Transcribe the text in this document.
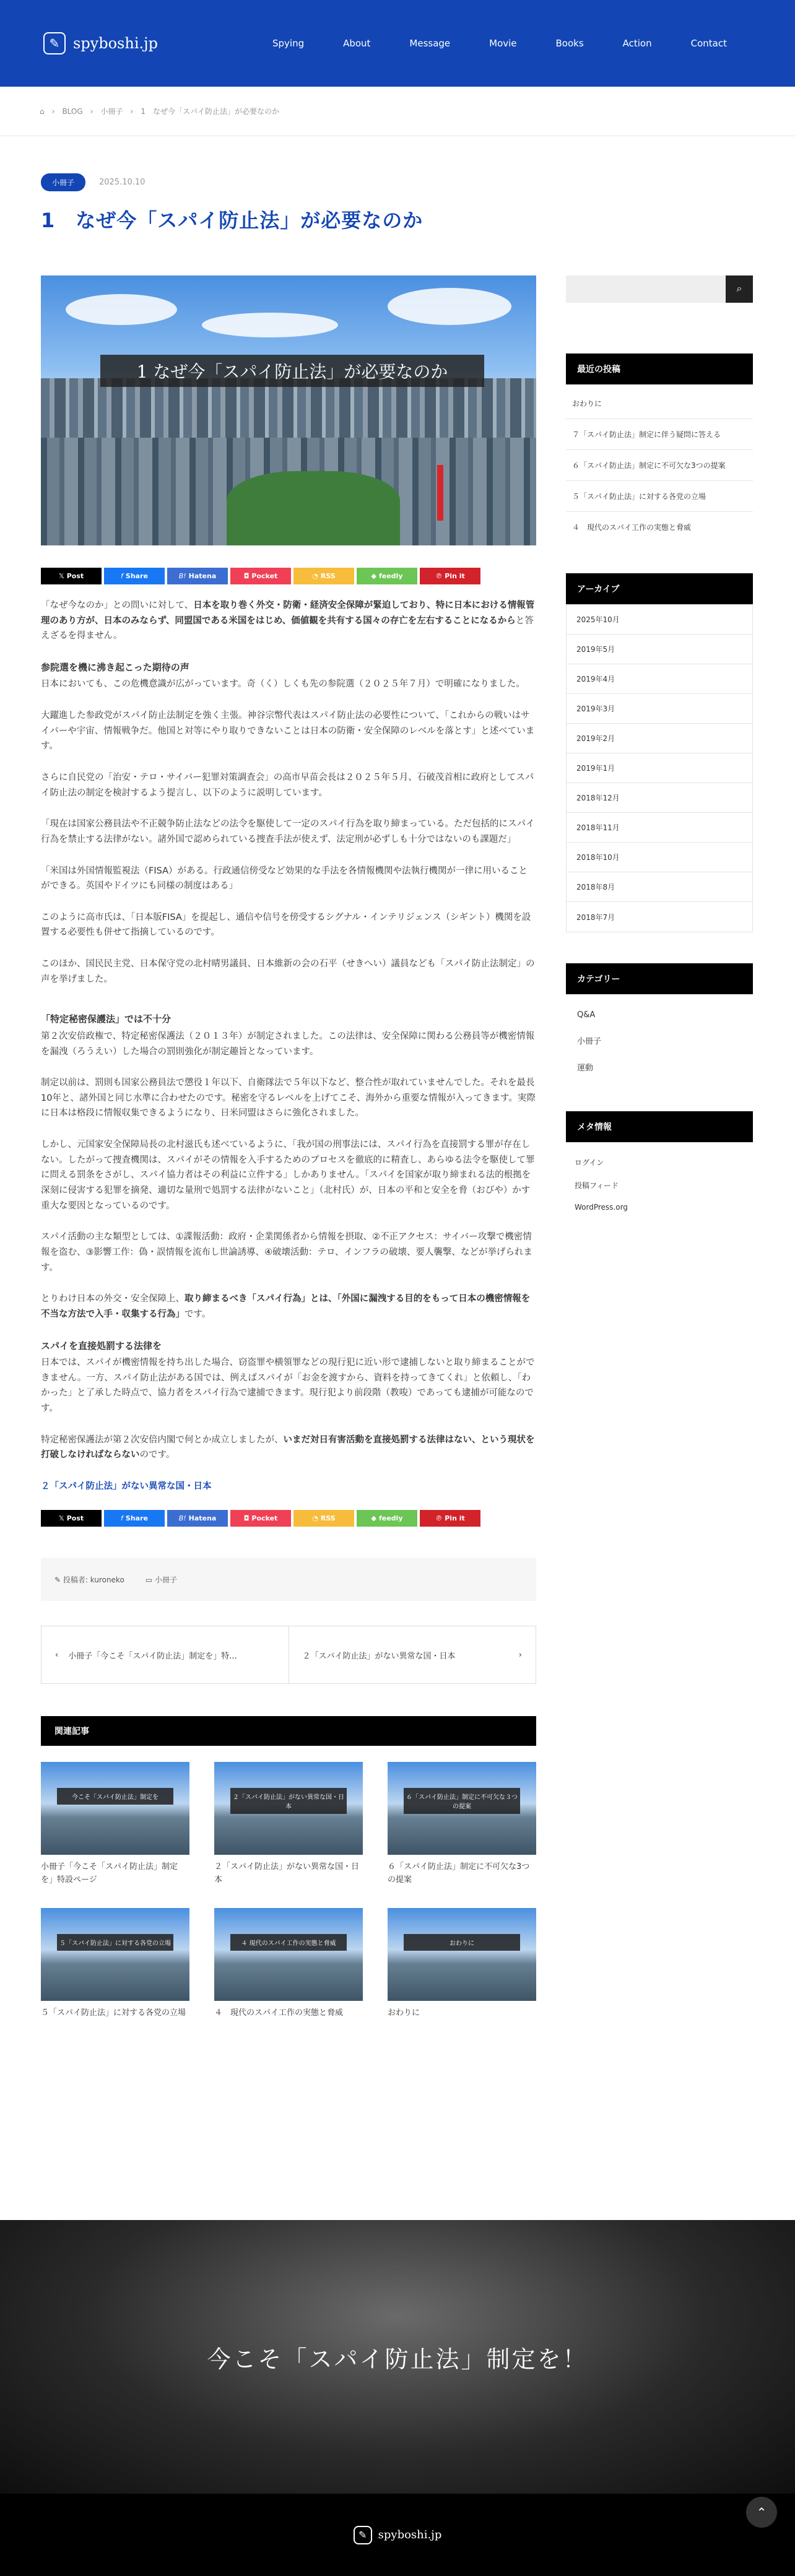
✎ spyboshi.jp	Spying	About	Message	Movie	Books	Action	Contact
⌂ › BLOG › 小冊子 › 1　なぜ今「スパイ防止法」が必要なのか
小冊子	2025.10.10
1　なぜ今「スパイ防止法」が必要なのか
1 なぜ今「スパイ防止法」が必要なのか
𝕏 Post	f Share	B! Hatena	◘ Pocket	◔ RSS	◆ feedly	℗ Pin it

「なぜ今なのか」との問いに対して、日本を取り巻く外交・防衛・経済安全保障が緊迫しており、特に日本における情報管理のあり方が、日本のみならず、同盟国である米国をはじめ、価値観を共有する国々の存亡を左右することになるからと答えざるを得ません。

参院選を機に沸き起こった期待の声

日本においても、この危機意識が広がっています。奇（く）しくも先の参院選（２０２５年７月）で明確になりました。

大躍進した参政党がスパイ防止法制定を強く主張。神谷宗幣代表はスパイ防止法の必要性について、「これからの戦いはサイバーや宇宙、情報戦争だ。他国と対等にやり取りできないことは日本の防衛・安全保障のレベルを落とす」と述べています。

さらに自民党の「治安・テロ・サイバー犯罪対策調査会」の高市早苗会長は２０２５年５月、石破茂首相に政府としてスパイ防止法の制定を検討するよう提言し、以下のように説明しています。

「現在は国家公務員法や不正競争防止法などの法令を駆使して一定のスパイ行為を取り締まっている。ただ包括的にスパイ行為を禁止する法律がない。諸外国で認められている捜査手法が使えず、法定刑が必ずしも十分ではないのも課題だ」

「米国は外国情報監視法（FISA）がある。行政通信傍受など効果的な手法を各情報機関や法執行機関が一律に用いることができる。英国やドイツにも同様の制度はある」

このように高市氏は、「日本版FISA」を提起し、通信や信号を傍受するシグナル・インテリジェンス（シギント）機関を設置する必要性も併せて指摘しているのです。

このほか、国民民主党、日本保守党の北村晴男議員、日本維新の会の石平（せきへい）議員なども「スパイ防止法制定」の声を挙げました。

「特定秘密保護法」では不十分

第２次安倍政権で、特定秘密保護法（２０１３年）が制定されました。この法律は、安全保障に関わる公務員等が機密情報を漏洩（ろうえい）した場合の罰則強化が制定趣旨となっています。

制定以前は、罰則も国家公務員法で懲役１年以下、自衛隊法で５年以下など、整合性が取れていませんでした。それを最長10年と、諸外国と同じ水準に合わせたのです。秘密を守るレベルを上げてこそ、海外から重要な情報が入ってきます。実際に日本は格段に情報収集できるようになり、日米同盟はさらに強化されました。

しかし、元国家安全保障局長の北村滋氏も述べているように、「我が国の刑事法には、スパイ行為を直接罰する罪が存在しない。したがって捜査機関は、スパイがその情報を入手するためのプロセスを徹底的に精査し、あらゆる法令を駆使して罪に問える罰条をさがし、スパイ協力者はその利益に立件する」しかありません。「スパイを国家が取り締まれる法的根拠を深刻に侵害する犯罪を摘発、適切な量刑で処罰する法律がないこと」（北村氏）が、日本の平和と安全を脅（おびや）かす重大な要因となっているのです。

スパイ活動の主な類型としては、①諜報活動：政府・企業関係者から情報を摂取、②不正アクセス：サイバー攻撃で機密情報を盗む、③影響工作：偽・誤情報を流布し世論誘導、④破壊活動：テロ、インフラの破壊、要人襲撃、などが挙げられます。

とりわけ日本の外交・安全保障上、取り締まるべき「スパイ行為」とは、「外国に漏洩する目的をもって日本の機密情報を不当な方法で入手・収集する行為」です。

スパイを直接処罰する法律を

日本では、スパイが機密情報を持ち出した場合、窃盗罪や横領罪などの現行犯に近い形で逮捕しないと取り締まることができません。一方、スパイ防止法がある国では、例えばスパイが「お金を渡すから、資料を持ってきてくれ」と依頼し、「わかった」と了承した時点で、協力者をスパイ行為で逮捕できます。現行犯より前段階（教唆）であっても逮捕が可能なのです。

特定秘密保護法が第２次安倍内閣で何とか成立しましたが、いまだ対日有害活動を直接処罰する法律はない、という現状を打破しなければならないのです。

２「スパイ防止法」がない異常な国・日本

𝕏 Post	f Share	B! Hatena	◘ Pocket	◔ RSS	◆ feedly	℗ Pin it
✎ 投稿者: kuroneko	▭ 小冊子
‹ 小冊子「今こそ「スパイ防止法」制定を」特...	２「スパイ防止法」がない異常な国・日本	›
関連記事
今こそ「スパイ防止法」制定を
小冊子「今こそ「スパイ防止法」制定を」特設ページ
２「スパイ防止法」がない異常な国・日本
２「スパイ防止法」がない異常な国・日本
６「スパイ防止法」制定に不可欠な３つの提案
６「スパイ防止法」制定に不可欠な3つの提案
５「スパイ防止法」に対する各党の立場
５「スパイ防止法」に対する各党の立場
４ 現代のスパイ工作の実態と脅威
４　現代のスパイ工作の実態と脅威
おわりに
おわりに
⌕
最近の投稿
おわりに
７「スパイ防止法」制定に伴う疑問に答える
６「スパイ防止法」制定に不可欠な3つの提案
５「スパイ防止法」に対する各党の立場
４　現代のスパイ工作の実態と脅威
アーカイブ
2025年10月
2019年5月
2019年4月
2019年3月
2019年2月
2019年1月
2018年12月
2018年11月
2018年10月
2018年8月
2018年7月
カテゴリー
Q&A
小冊子
運動
メタ情報
ログイン
投稿フィード
WordPress.org
今こそ「スパイ防止法」制定を！
✎	spyboshi.jp
⌃
